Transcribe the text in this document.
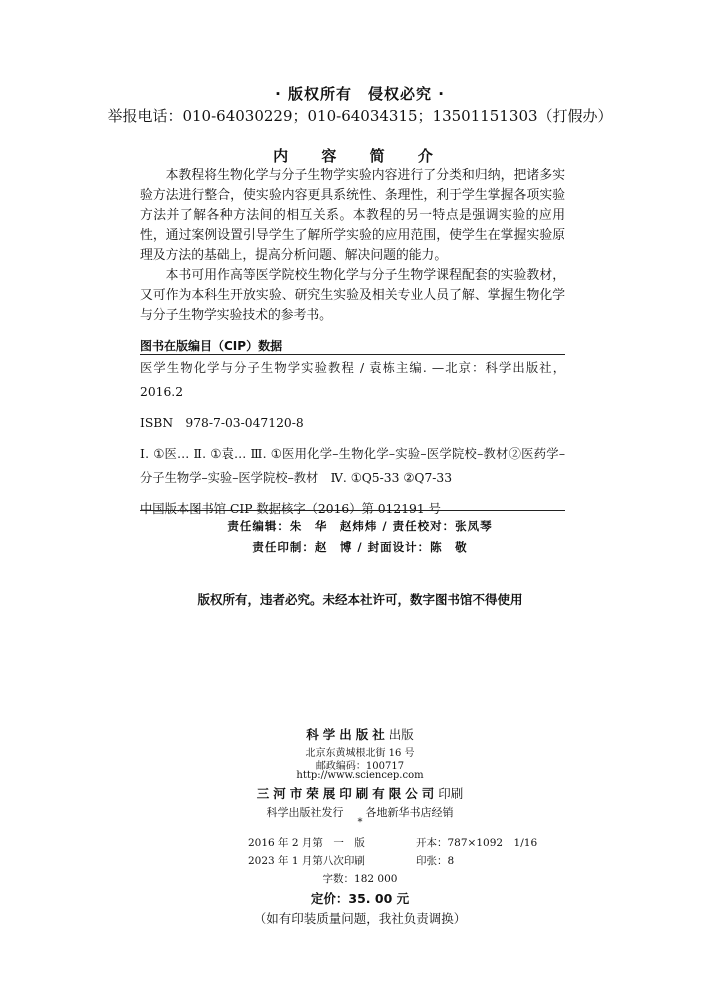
· 版权所有　侵权必究 ·
举报电话：010-64030229；010-64034315；13501151303（打假办）
内 容 简 介

本教程将生物化学与分子生物学实验内容进行了分类和归纳，把诸多实验方法进行整合，使实验内容更具系统性、条理性，利于学生掌握各项实验方法并了解各种方法间的相互关系。本教程的另一特点是强调实验的应用性，通过案例设置引导学生了解所学实验的应用范围，使学生在掌握实验原理及方法的基础上，提高分析问题、解决问题的能力。

本书可用作高等医学院校生物化学与分子生物学课程配套的实验教材，又可作为本科生开放实验、研究生实验及相关专业人员了解、掌握生物化学与分子生物学实验技术的参考书。

图书在版编目（CIP）数据

医学生物化学与分子生物学实验教程 / 袁栋主编. —北京：科学出版社，2016.2

ISBN　978-7-03-047120-8

Ⅰ. ①医… Ⅱ. ①袁… Ⅲ. ①医用化学–生物化学–实验–医学院校–教材②医药学–分子生物学–实验–医学院校–教材　Ⅳ. ①Q5-33 ②Q7-33

中国版本图书馆 CIP 数据核字（2016）第 012191 号

责任编辑：朱　华　赵炜炜 / 责任校对：张凤琴
责任印制：赵　博 / 封面设计：陈　敬
版权所有，违者必究。未经本社许可，数字图书馆不得使用
科学出版社出版
北京东黄城根北街 16 号
邮政编码：100717
http://www.sciencep.com
三河市荣展印刷有限公司印刷
科学出版社发行　　各地新华书店经销
*
2016 年 2 月第　一　版	开本：787×1092　1/16
2023 年 1 月第八次印刷	印张：8
字数：182 000
定价：35. 00 元
（如有印装质量问题，我社负责调换）
